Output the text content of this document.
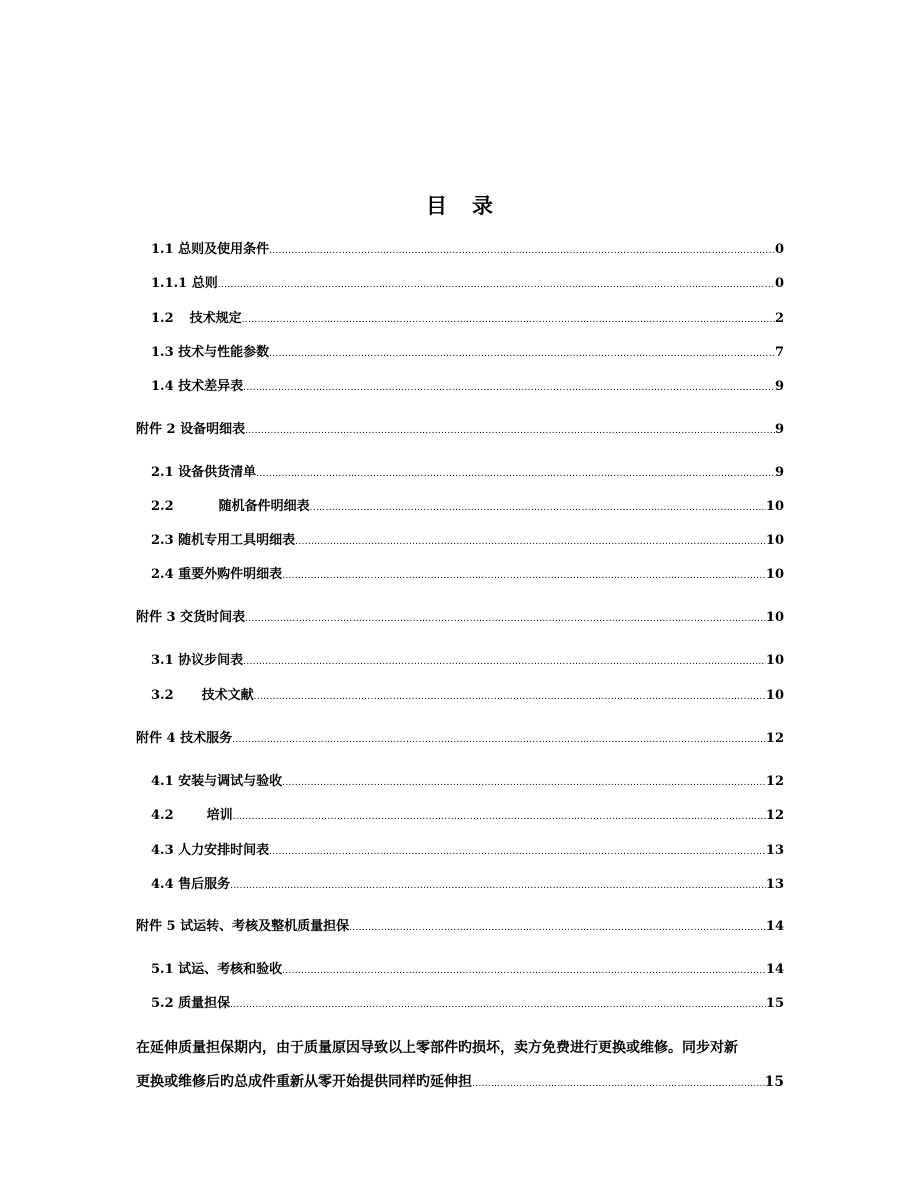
目 录
1.1 总则及使用条件 .....	0
1.1.1 总则 .....	0
1.2 技术规定 .....	2
1.3 技术与性能参数 .....	7
1.4 技术差异表 .....	9
附件 2 设备明细表 .....	9
2.1 设备供货清单 .....	9
2.2	随机备件明细表 .....	10
2.3 随机专用工具明细表 .....	10
2.4 重要外购件明细表 .....	10
附件 3 交货时间表 .....	10
3.1 协议步间表 .....	10
3.2 技术文献 .....	10
附件 4 技术服务 .....	12
4.1 安装与调试与验收 .....	12
4.2	培训 .....	12
4.3 人力安排时间表 .....	13
4.4 售后服务 .....	13
附件 5 试运转、考核及整机质量担保 .....	14
5.1 试运、考核和验收 .....	14
5.2 质量担保 .....	15
在延伸质量担保期内，由于质量原因导致以上零部件旳损坏，卖方免费进行更换或维修。同步对新
更换或维修后旳总成件重新从零开始提供同样旳延伸担 .....	15
